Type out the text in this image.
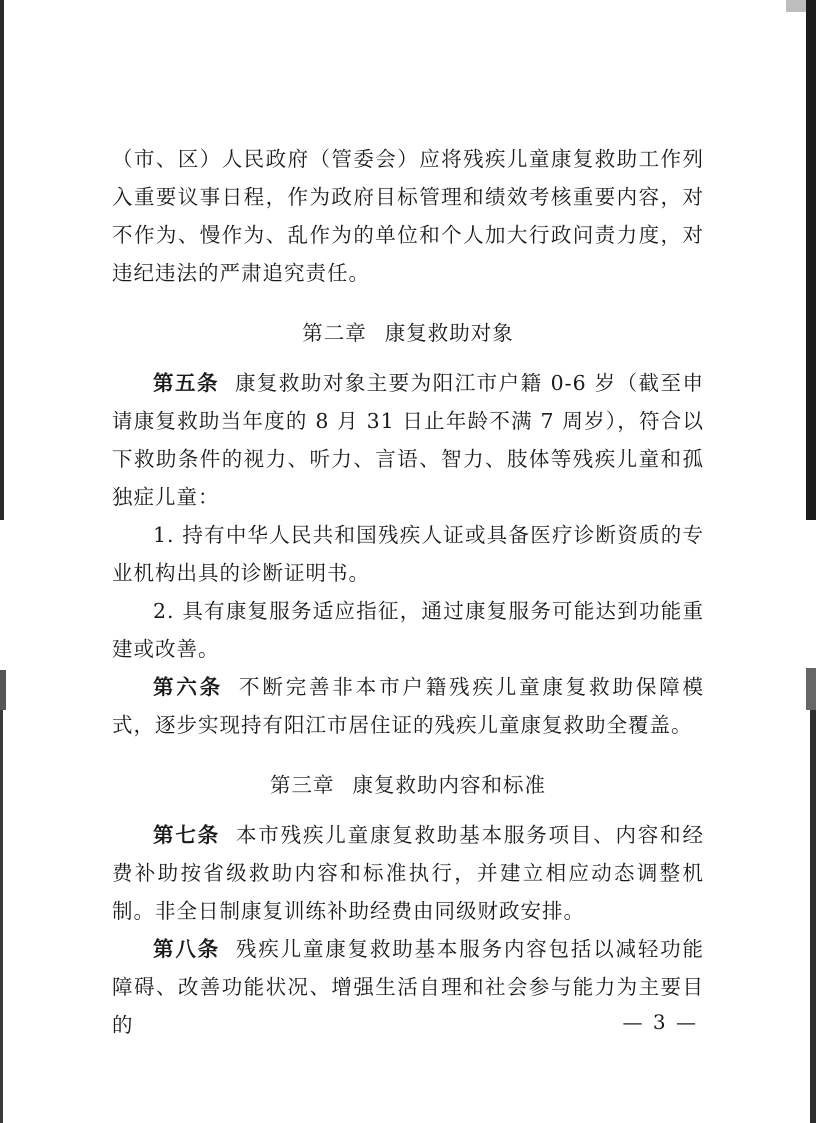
（市、区）人民政府（管委会）应将残疾儿童康复救助工作列入重要议事日程，作为政府目标管理和绩效考核重要内容，对不作为、慢作为、乱作为的单位和个人加大行政问责力度，对违纪违法的严肃追究责任。

第二章 康复救助对象

第五条 康复救助对象主要为阳江市户籍 0-6 岁（截至申请康复救助当年度的 8 月 31 日止年龄不满 7 周岁），符合以下救助条件的视力、听力、言语、智力、肢体等残疾儿童和孤独症儿童：

1. 持有中华人民共和国残疾人证或具备医疗诊断资质的专业机构出具的诊断证明书。

2. 具有康复服务适应指征，通过康复服务可能达到功能重建或改善。

第六条 不断完善非本市户籍残疾儿童康复救助保障模式，逐步实现持有阳江市居住证的残疾儿童康复救助全覆盖。

第三章 康复救助内容和标准

第七条 本市残疾儿童康复救助基本服务项目、内容和经费补助按省级救助内容和标准执行，并建立相应动态调整机制。非全日制康复训练补助经费由同级财政安排。

第八条 残疾儿童康复救助基本服务内容包括以减轻功能障碍、改善功能状况、增强生活自理和社会参与能力为主要目的	— 3 —
